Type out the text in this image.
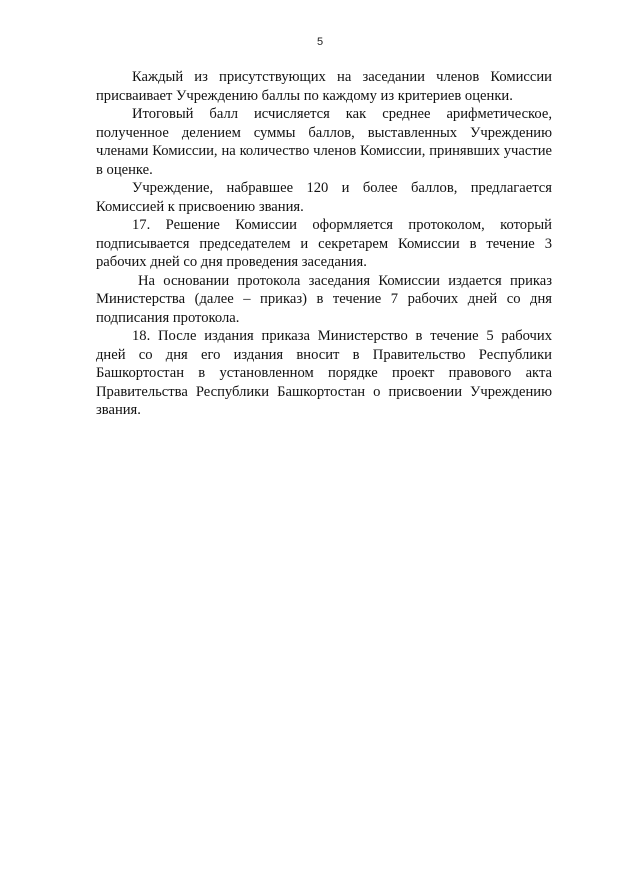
5

Каждый из присутствующих на заседании членов Комиссии присваивает Учреждению баллы по каждому из критериев оценки.

Итоговый балл исчисляется как среднее арифметическое, полученное делением суммы баллов, выставленных Учреждению членами Комиссии, на количество членов Комиссии, принявших участие в оценке.

Учреждение, набравшее 120 и более баллов, предлагается Комиссией к присвоению звания.

17. Решение Комиссии оформляется протоколом, который подписывается председателем и секретарем Комиссии в течение 3 рабочих дней со дня проведения заседания.

На основании протокола заседания Комиссии издается приказ Министерства (далее – приказ) в течение 7 рабочих дней со дня подписания протокола.

18. После издания приказа Министерство в течение 5 рабочих дней со дня его издания вносит в Правительство Республики Башкортостан в установленном порядке проект правового акта Правительства Республики Башкортостан о присвоении Учреждению звания.
